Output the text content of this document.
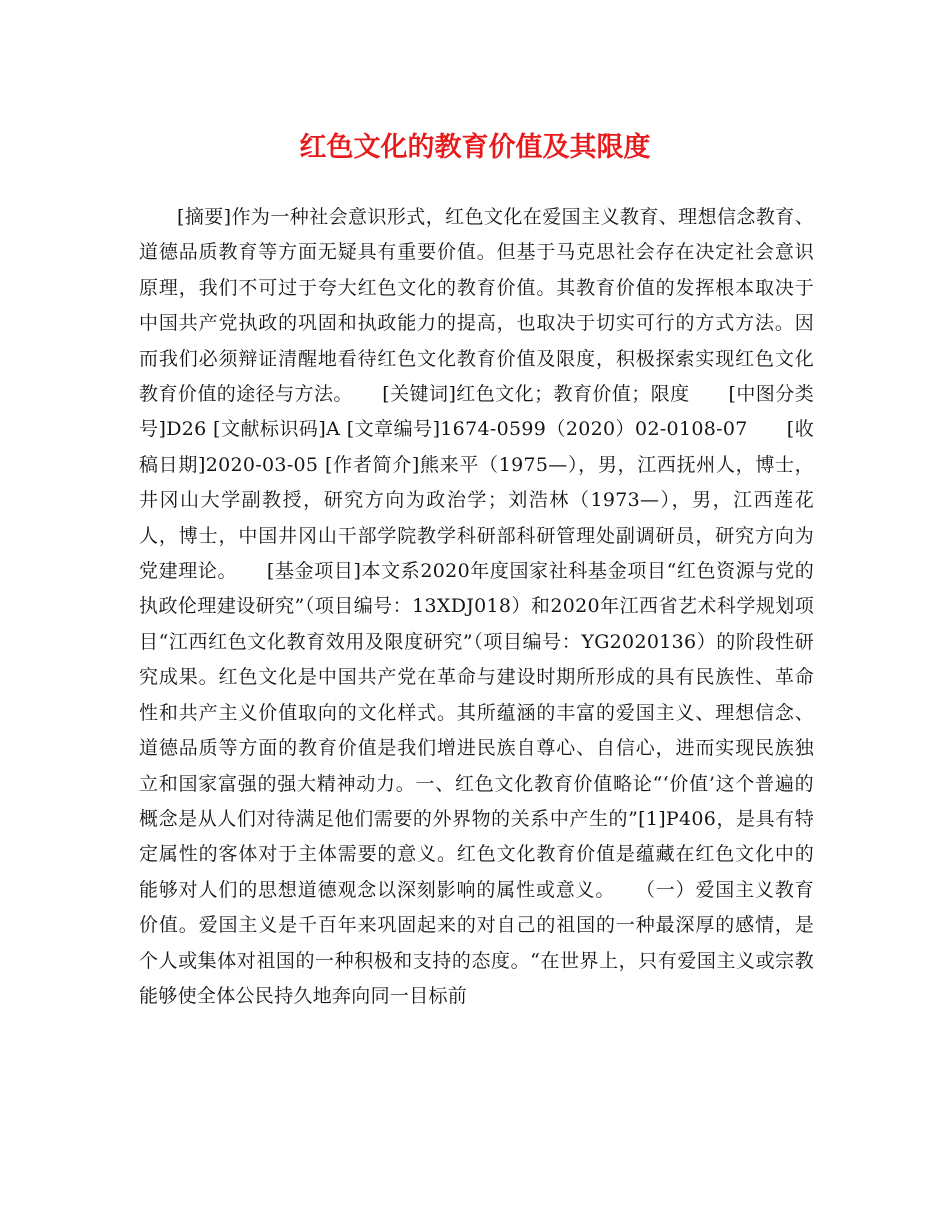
红色文化的教育价值及其限度

[摘要]作为一种社会意识形式，红色文化在爱国主义教育、理想信念教育、道德品质教育等方面无疑具有重要价值。但基于马克思社会存在决定社会意识原理，我们不可过于夸大红色文化的教育价值。其教育价值的发挥根本取决于中国共产党执政的巩固和执政能力的提高，也取决于切实可行的方式方法。因而我们必须辩证清醒地看待红色文化教育价值及限度，积极探索实现红色文化教育价值的途径与方法。　　[关键词]红色文化；教育价值；限度　　[中图分类号]D26 [文献标识码]A [文章编号]1674-0599（2020）02-0108-07　　[收稿日期]2020-03-05 [作者简介]熊来平（1975—），男，江西抚州人，博士，井冈山大学副教授，研究方向为政治学；刘浩林（1973—），男，江西莲花人，博士，中国井冈山干部学院教学科研部科研管理处副调研员，研究方向为党建理论。　　[基金项目]本文系2020年度国家社科基金项目“红色资源与党的执政伦理建设研究”（项目编号：13XDJ018）和2020年江西省艺术科学规划项目“江西红色文化教育效用及限度研究”（项目编号：YG2020136）的阶段性研究成果。红色文化是中国共产党在革命与建设时期所形成的具有民族性、革命性和共产主义价值取向的文化样式。其所蕴涵的丰富的爱国主义、理想信念、道德品质等方面的教育价值是我们增进民族自尊心、自信心，进而实现民族独立和国家富强的强大精神动力。一、红色文化教育价值略论“‘价值’这个普遍的概念是从人们对待满足他们需要的外界物的关系中产生的”[1]P406，是具有特定属性的客体对于主体需要的意义。红色文化教育价值是蕴藏在红色文化中的能够对人们的思想道德观念以深刻影响的属性或意义。　　（一）爱国主义教育价值。爱国主义是千百年来巩固起来的对自己的祖国的一种最深厚的感情，是个人或集体对祖国的一种积极和支持的态度。“在世界上，只有爱国主义或宗教能够使全体公民持久地奔向同一目标前
